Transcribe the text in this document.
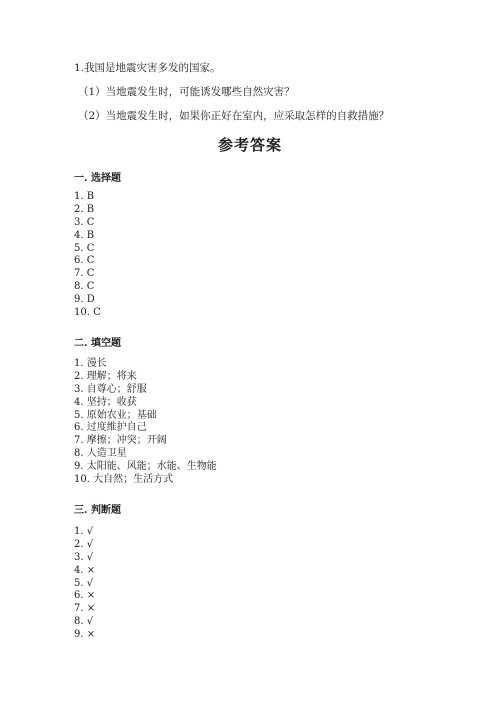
1.我国是地震灾害多发的国家。
（1）当地震发生时，可能诱发哪些自然灾害？
（2）当地震发生时，如果你正好在室内，应采取怎样的自救措施？
参考答案
一. 选择题
1. B
2. B
3. C
4. B
5. C
6. C
7. C
8. C
9. D
10. C
二. 填空题
1. 漫长
2. 理解；将来
3. 自尊心；舒服
4. 坚持；收获
5. 原始农业；基础
6. 过度维护自己
7. 摩擦；冲突；开阔
8. 人造卫星
9. 太阳能、风能；水能、生物能
10. 大自然；生活方式
三. 判断题
1. √
2. √
3. √
4. ×
5. √
6. ×
7. ×
8. √
9. ×
